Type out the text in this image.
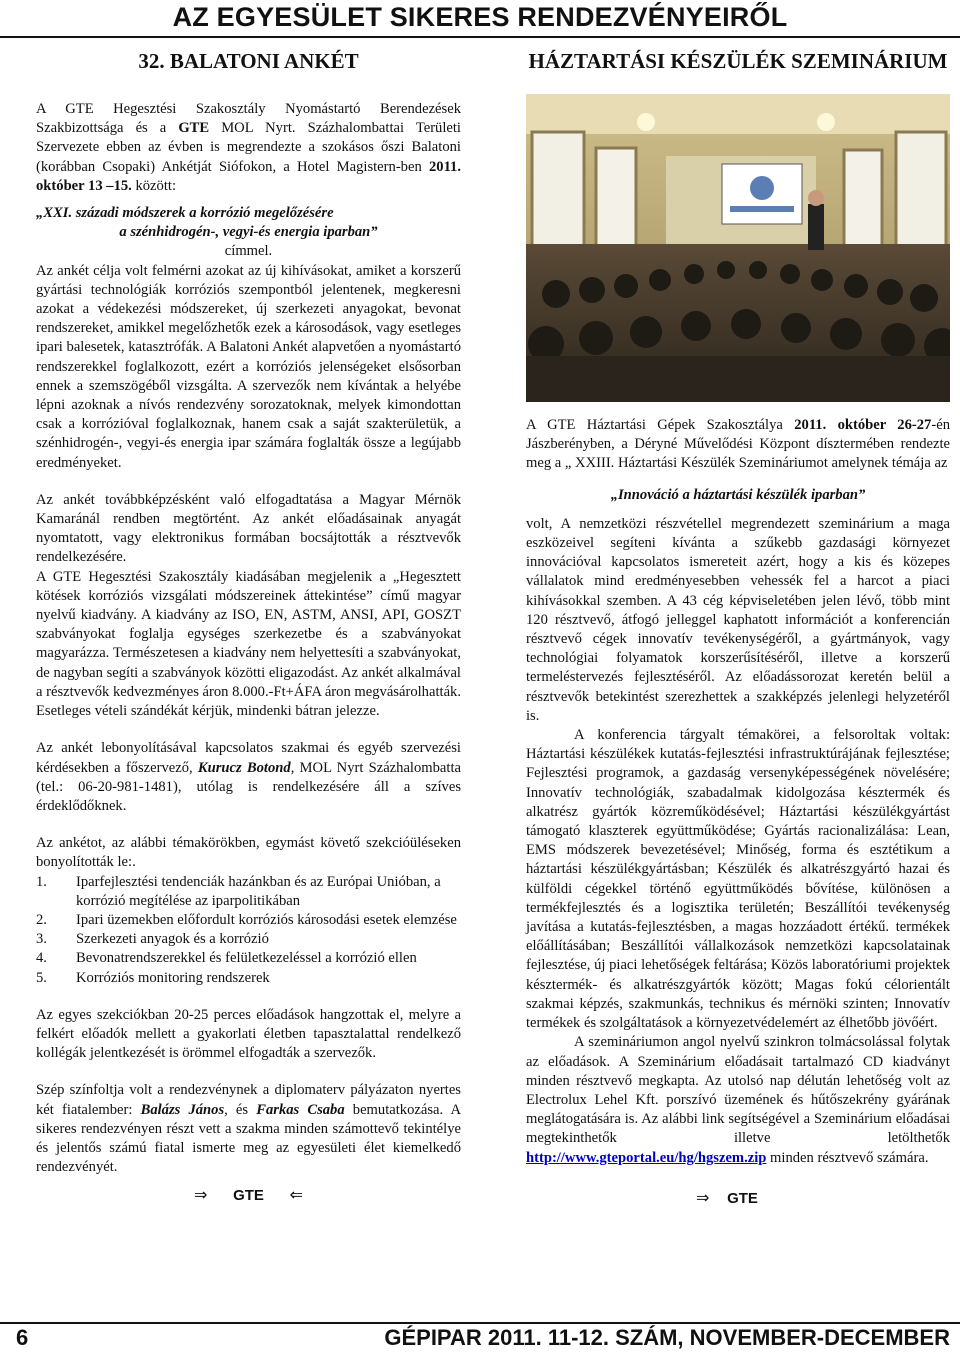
AZ EGYESÜLET SIKERES RENDEZVÉNYEIRŐL
32. BALATONI ANKÉT

A GTE Hegesztési Szakosztály Nyomástartó Berendezések Szakbizottsága és a GTE MOL Nyrt. Százhalombattai Területi Szervezete ebben az évben is megrendezte a szokásos őszi Balatoni (korábban Csopaki) Ankétját Siófokon, a Hotel Magistern-ben 2011. október 13 –15. között:

„XXI. századi módszerek a korrózió megelőzésére
a szénhidrogén-, vegyi-és energia iparban”
címmel.

Az ankét célja volt felmérni azokat az új kihívásokat, amiket a korszerű gyártási technológiák korróziós szempontból jelentenek, megkeresni azokat a védekezési módszereket, új szerkezeti anyagokat, bevonat rendszereket, amikkel megelőzhetők ezek a károsodások, vagy esetleges ipari balesetek, katasztrófák. A Balatoni Ankét alapvetően a nyomástartó rendszerekkel foglalkozott, ezért a korróziós jelenségeket elsősorban ennek a szemszögéből vizsgálta. A szervezők nem kívántak a helyébe lépni azoknak a nívós rendezvény sorozatoknak, melyek kimondottan csak a korrózióval foglalkoznak, hanem csak a saját szakterületük, a szénhidrogén-, vegyi-és energia ipar számára foglalták össze a legújabb eredményeket.

Az ankét továbbképzésként való elfogadtatása a Magyar Mérnök Kamaránál rendben megtörtént. Az ankét előadásainak anyagát nyomtatott, vagy elektronikus formában bocsájtották a résztvevők rendelkezésére.

A GTE Hegesztési Szakosztály kiadásában megjelenik a „Hegesztett kötések korróziós vizsgálati módszereinek áttekintése” című magyar nyelvű kiadvány. A kiadvány az ISO, EN, ASTM, ANSI, API, GOSZT szabványokat foglalja egységes szerkezetbe és a szabványokat magyarázza. Természetesen a kiadvány nem helyettesíti a szabványokat, de nagyban segíti a szabványok közötti eligazodást. Az ankét alkalmával a résztvevők kedvezményes áron 8.000.-Ft+ÁFA áron megvásárolhatták. Esetleges vételi szándékát kérjük, mindenki bátran jelezze.

Az ankét lebonyolításával kapcsolatos szakmai és egyéb szervezési kérdésekben a főszervező, Kurucz Botond, MOL Nyrt Százhalombatta (tel.: 06-20-981-1481), utólag is rendelkezésére áll a szíves érdeklődőknek.

Az ankétot, az alábbi témakörökben, egymást követő szekcióüléseken bonyolították le:.

1. Iparfejlesztési tendenciák hazánkban és az Európai Unióban, a korrózió megítélése az iparpolitikában
2. Ipari üzemekben előfordult korróziós károsodási esetek elemzése
3. Szerkezeti anyagok és a korrózió
4. Bevonatrendszerekkel és felületkezeléssel a korrózió ellen
5. Korróziós monitoring rendszerek

Az egyes szekciókban 20-25 perces előadások hangzottak el, melyre a felkért előadók mellett a gyakorlati életben tapasztalattal rendelkező kollégák jelentkezését is örömmel elfogadták a szervezők.

Szép színfoltja volt a rendezvénynek a diplomaterv pályázaton nyertes két fiatalember: Balázs János, és Farkas Csaba bemutatkozása. A sikeres rendezvényen részt vett a szakma minden számottevő tekintélye és jelentős számú fiatal ismerte meg az egyesületi élet kiemelkedő rendezvényét.

⇒ GTE ⇐
HÁZTARTÁSI KÉSZÜLÉK SZEMINÁRIUM

A GTE Háztartási Gépek Szakosztálya 2011. október 26-27-én Jászberényben, a Déryné Művelődési Központ dísztermében rendezte meg a „ XXIII. Háztartási Készülék Szemináriumot amelynek témája az

„Innováció a háztartási készülék iparban”

volt, A nemzetközi részvétellel megrendezett szeminárium a maga eszközeivel segíteni kívánta a szűkebb gazdasági környezet innovációval kapcsolatos ismereteit azért, hogy a kis és közepes vállalatok mind eredményesebben vehessék fel a harcot a piaci kihívásokkal szemben. A 43 cég képviseletében jelen lévő, több mint 120 résztvevő, átfogó jelleggel kaphatott információt a konferencián résztvevő cégek innovatív tevékenységéről, a gyártmányok, vagy technológiai folyamatok korszerűsítéséről, illetve a korszerű termeléstervezés fejlesztéséről. Az előadássorozat keretén belül a résztvevők betekintést szerezhettek a szakképzés jelenlegi helyzetéről is.

A konferencia tárgyalt témakörei, a felsoroltak voltak: Háztartási készülékek kutatás-fejlesztési infrastruktúrájának fejlesztése; Fejlesztési programok, a gazdaság versenyképességének növelésére; Innovatív technológiák, szabadalmak kidolgozása késztermék és alkatrész gyártók közreműködésével; Háztartási készülékgyártást támogató klaszterek együttműködése; Gyártás racionalizálása: Lean, EMS módszerek bevezetésével; Minőség, forma és esztétikum a háztartási készülékgyártásban; Készülék és alkatrészgyártó hazai és külföldi cégekkel történő együttműködés bővítése, különösen a termékfejlesztés és a logisztika területén; Beszállítói tevékenység javítása a kutatás-fejlesztésben, a magas hozzáadott értékű. termékek előállításában; Beszállítói vállalkozások nemzetközi kapcsolatainak fejlesztése, új piaci lehetőségek feltárása; Közös laboratóriumi projektek késztermék- és alkatrészgyártók között; Magas fokú célorientált szakmai képzés, szakmunkás, technikus és mérnöki szinten; Innovatív termékek és szolgáltatások a környezetvédelemért az élhetőbb jövőért.

A szemináriumon angol nyelvű szinkron tolmácsolással folytak az előadások. A Szeminárium előadásait tartalmazó CD kiadványt minden résztvevő megkapta. Az utolsó nap délután lehetőség volt az Electrolux Lehel Kft. porszívó üzemének és hűtőszekrény gyárának meglátogatására is. Az alábbi link segítségével a Szeminárium előadásai megtekinthetők illetve letölthetők http://www.gteportal.eu/hg/hgszem.zip minden résztvevő számára.

⇒ GTE
6	GÉPIPAR 2011. 11-12. SZÁM, NOVEMBER-DECEMBER
